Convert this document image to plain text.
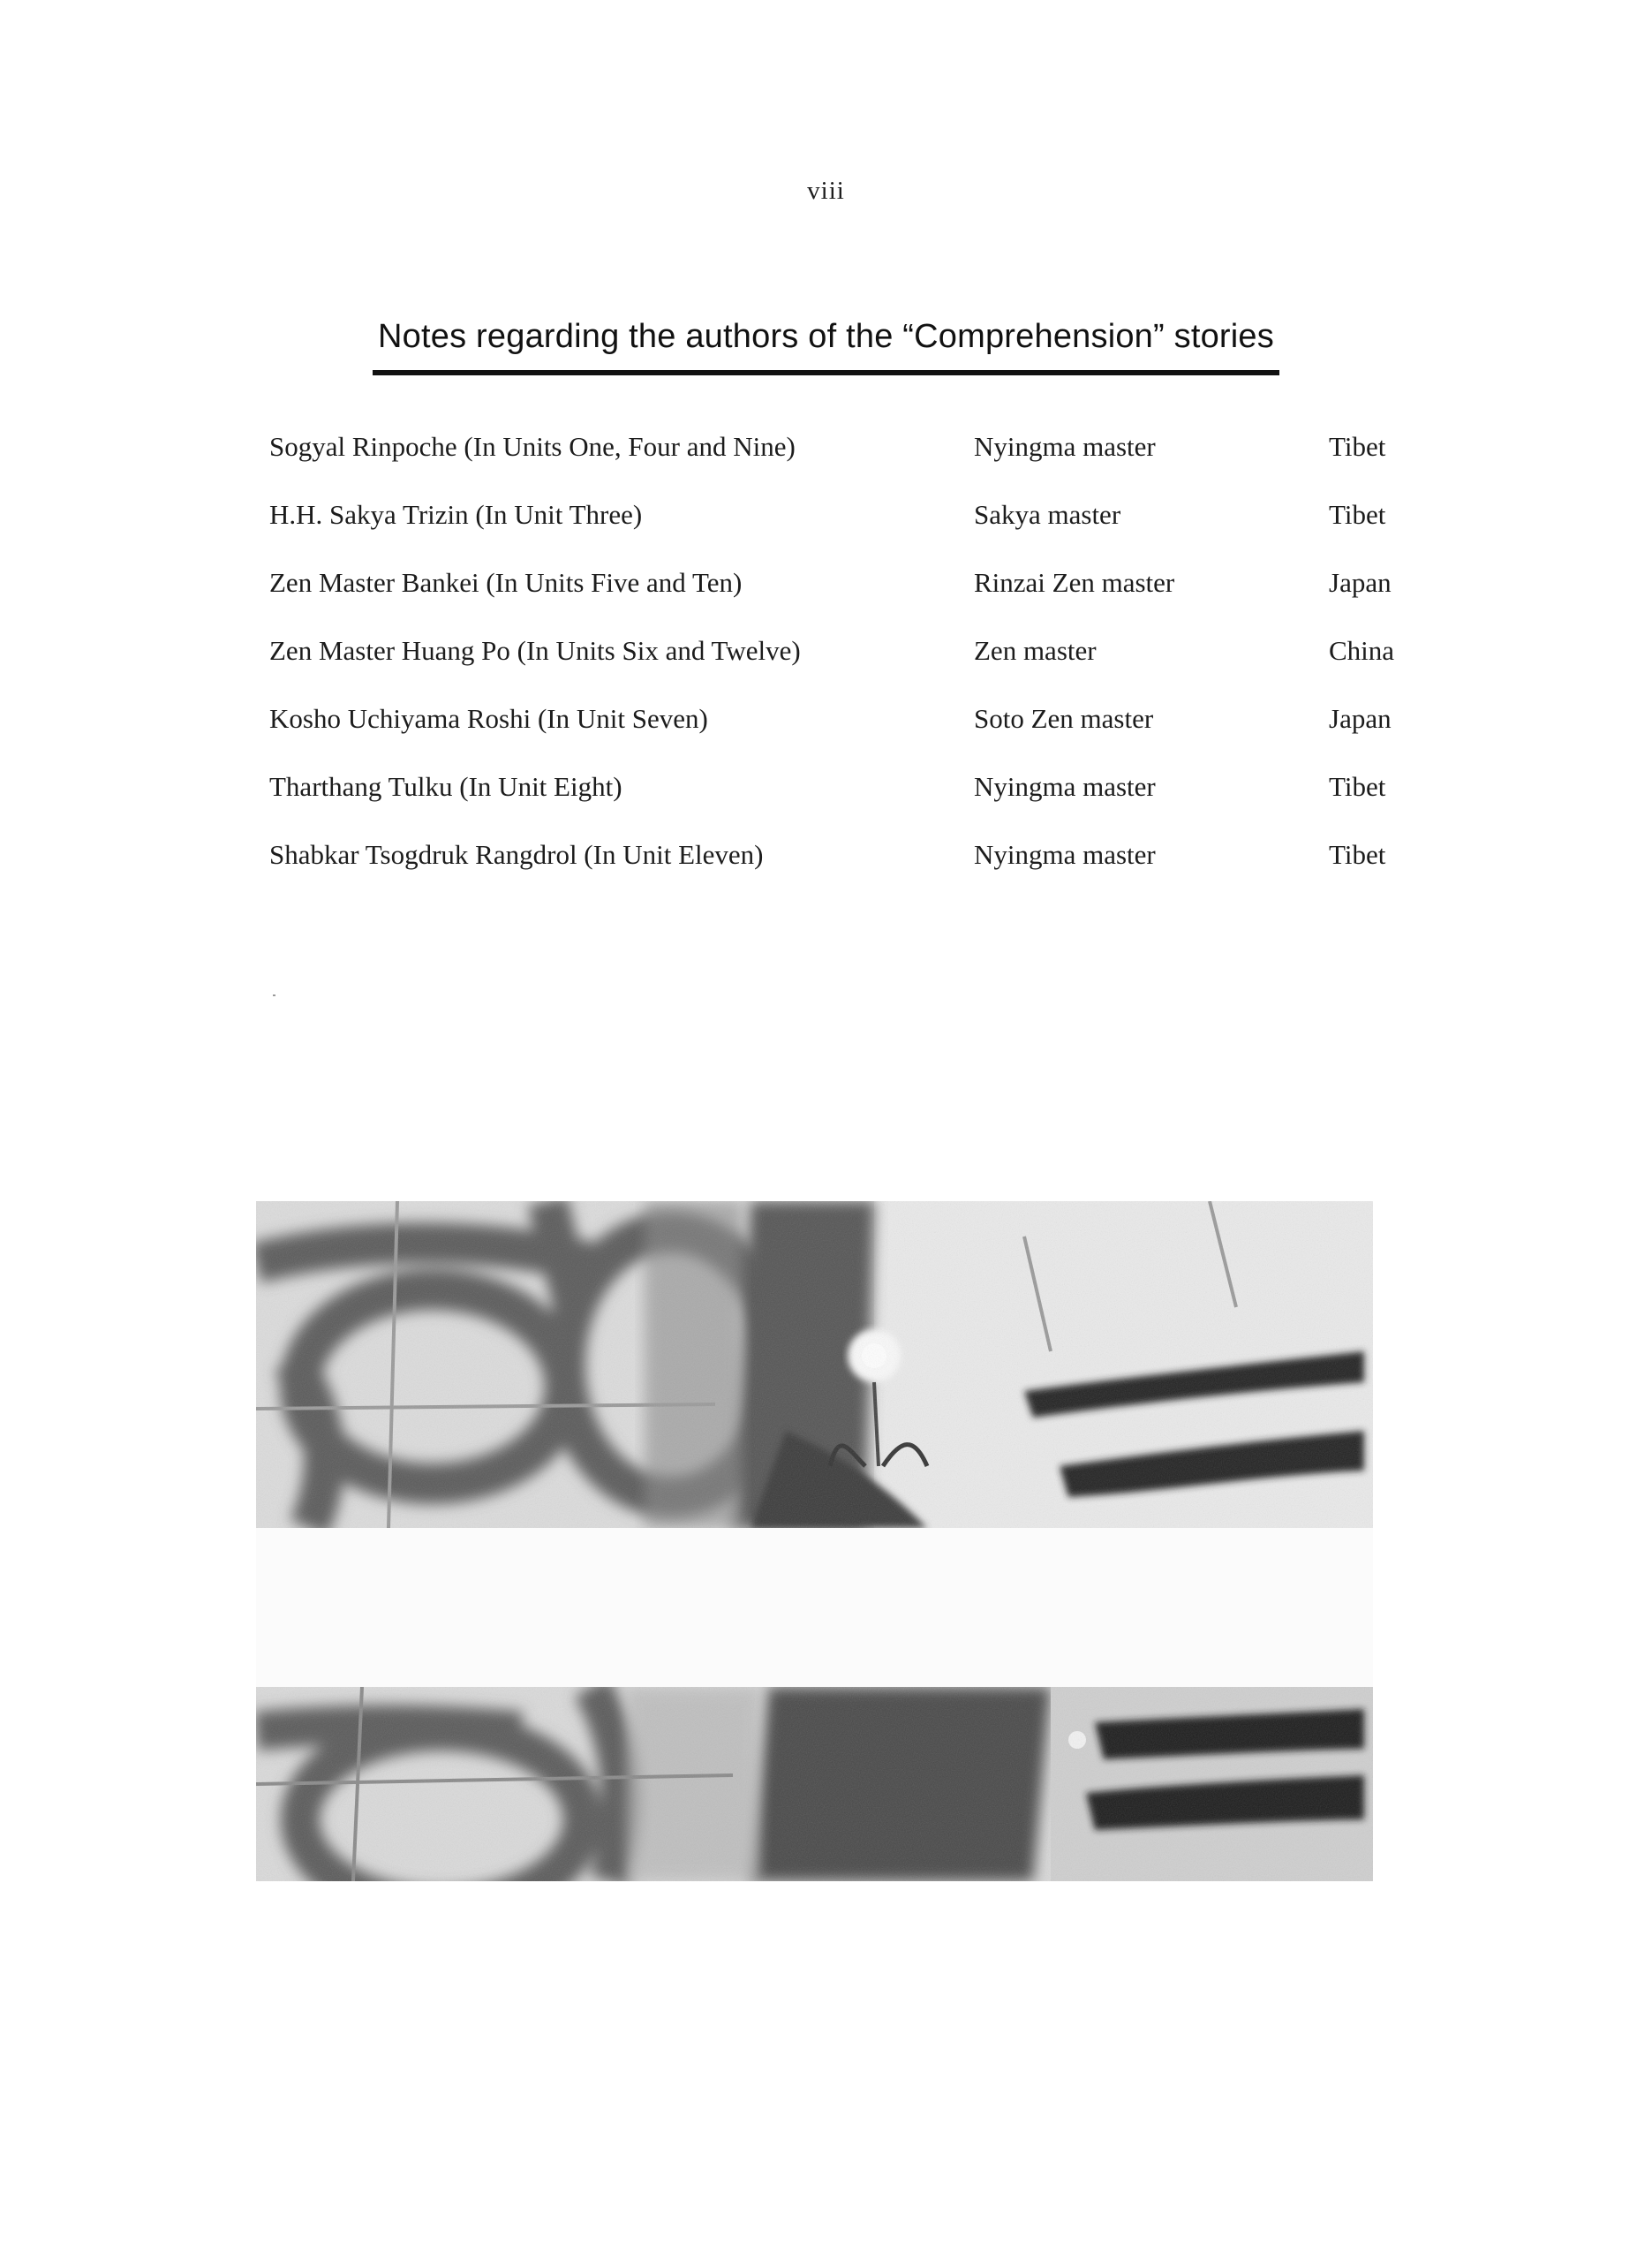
viii
Notes regarding the authors of the “Comprehension” stories
Sogyal Rinpoche (In Units One, Four and Nine)	Nyingma master	Tibet
H.H. Sakya Trizin (In Unit Three)	Sakya master	Tibet
Zen Master Bankei (In Units Five and Ten)	Rinzai Zen master	Japan
Zen Master Huang Po (In Units Six and Twelve)	Zen master	China
Kosho Uchiyama Roshi (In Unit Seven)	Soto Zen master	Japan
Tharthang Tulku (In Unit Eight)	Nyingma master	Tibet
Shabkar Tsogdruk Rangdrol (In Unit Eleven)	Nyingma master	Tibet
